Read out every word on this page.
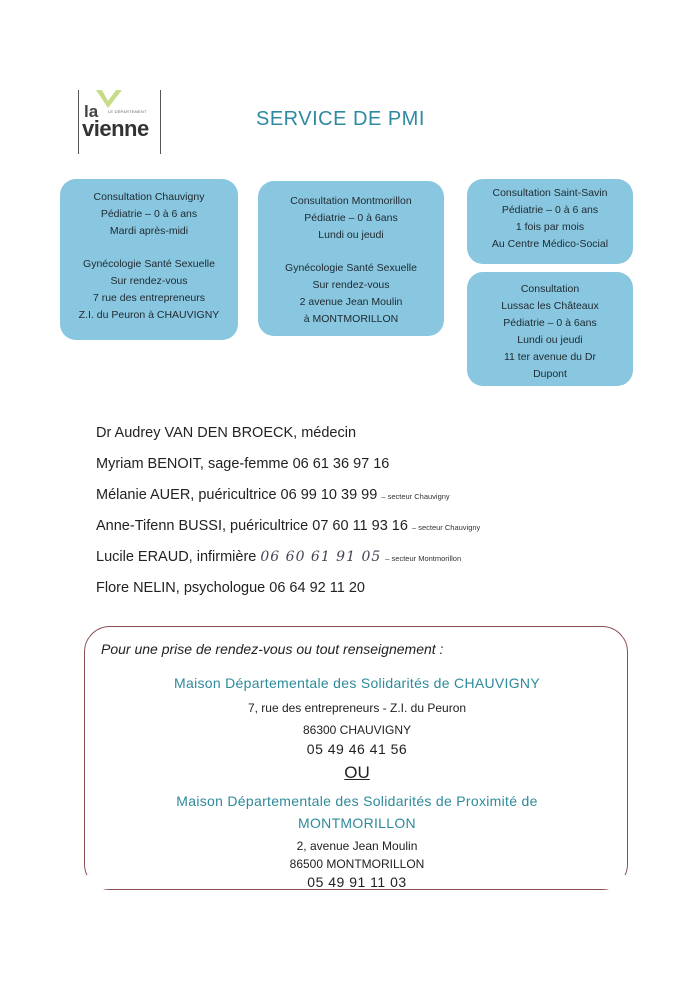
la LE DÉPARTEMENT
vienne	SERVICE DE PMI
Consultation Chauvigny
Pédiatrie – 0 à 6 ans
Mardi après-midi
Gynécologie Santé Sexuelle
Sur rendez-vous
7 rue des entrepreneurs
Z.I. du Peuron à CHAUVIGNY
Consultation Montmorillon
Pédiatrie – 0 à 6ans
Lundi ou jeudi
Gynécologie Santé Sexuelle
Sur rendez-vous
2 avenue Jean Moulin
à MONTMORILLON
Consultation Saint-Savin
Pédiatrie – 0 à 6 ans
1 fois par mois
Au Centre Médico-Social
Consultation
Lussac les Châteaux
Pédiatrie – 0 à 6ans
Lundi ou jeudi
11 ter avenue du Dr
Dupont
Dr Audrey VAN DEN BROECK, médecin
Myriam BENOIT, sage-femme 06 61 36 97 16
Mélanie AUER, puéricultrice 06 99 10 39 99 – secteur Chauvigny
Anne-Tifenn BUSSI, puéricultrice 07 60 11 93 16 – secteur Chauvigny
Lucile ERAUD, infirmière 06 60 61 91 05 – secteur Montmorillon
Flore NELIN, psychologue 06 64 92 11 20
Pour une prise de rendez-vous ou tout renseignement :
Maison Départementale des Solidarités de CHAUVIGNY
7, rue des entrepreneurs - Z.I. du Peuron
86300 CHAUVIGNY
05 49 46 41 56
OU
Maison Départementale des Solidarités de Proximité de
MONTMORILLON
2, avenue Jean Moulin
86500 MONTMORILLON
05 49 91 11 03
